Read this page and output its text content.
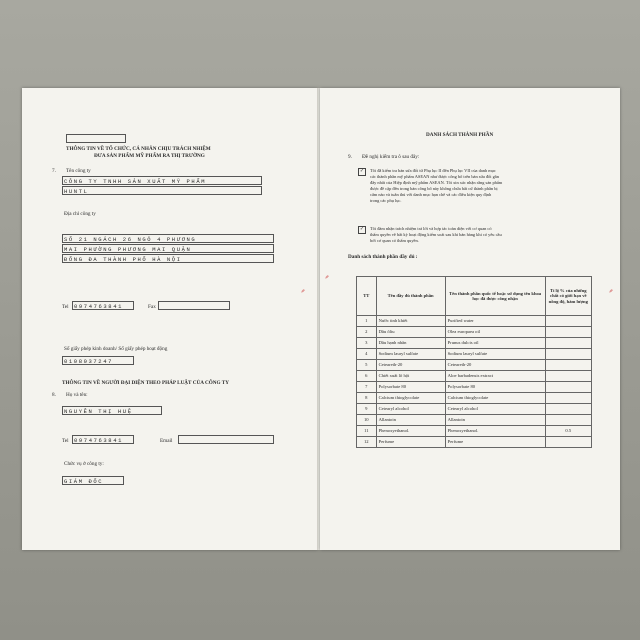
THÔNG TIN VỀ TỔ CHỨC, CÁ NHÂN CHỊU TRÁCH NHIỆM
ĐƯA SẢN PHẨM MỸ PHẨM RA THỊ TRƯỜNG
7. Tên công ty
CÔNG TY TNHH SẢN XUẤT MỸ PHẨM
HUNTL
Địa chỉ công ty
SỐ 21 NGÁCH 26 NGÕ 4 PHƯƠNG
MAI PHƯỜNG PHƯƠNG MAI QUẬN
ĐỐNG ĐA THÀNH PHỐ HÀ NỘI
Tel 0974763841	Fax
Số giấy phép kinh doanh/ Số giấy phép hoạt động
0108037247
THÔNG TIN VỀ NGƯỜI ĐẠI DIỆN THEO PHÁP LUẬT CỦA CÔNG TY
8. Họ và tên:
NGUYỄN THỊ HUỆ
Tel 0974763841	Email
Chức vụ ở công ty:
GIÁM ĐỐC
✎
DANH SÁCH THÀNH PHẦN
9. Đề nghị kiểm tra ô sau đây:
✓	Tôi đã kiểm tra bản sửa đổi từ Phụ lục II đến Phụ lục VII của danh mục
các thành phần mỹ phẩm ASEAN như được công bố trên bản sửa đổi gần
đây nhất của Hiệp định mỹ phẩm ASEAN. Tôi xin xác nhận rằng sản phẩm
được đề cập đến trong bản công bố này không chứa bất cứ thành phần bị
cấm nào và tuân thủ với danh mục hạn chế và các điều kiện quy định
trong các phụ lục.
✓	Tôi đảm nhận trách nhiệm trả lời và hợp tác toàn diện với cơ quan có
thẩm quyền về bất kỳ hoạt động kiểm soát sau khi bán hàng khi có yêu cầu
bởi cơ quan có thẩm quyền.
Danh sách thành phần đầy đủ :
TT	Tên đầy đủ thành phần	Tên thành phần quốc tế hoặc sử dụng tên khoa học đã được công nhận	Tỉ lệ % của những chất có giới hạn về nồng độ, hàm lượng
1	Nước tinh khiết	Purified water	
2	Dầu ôliu	Olea europaea oil	
3	Dầu hạnh nhân	Prunus dulcis oil	
4	Sodium lauryl sulfate	Sodium lauryl sulfate	
5	Ceteareth-20	Ceteareth-20	
6	Chiết xuất lô hội	Aloe barbadensis extract	
7	Polysorbate 80	Polysorbate 80	
8	Calcium thioglycolate	Calcium thioglycolate	
9	Cetearyl alcohol	Cetearyl alcohol	
10	Allantoin	Allantoin	
11	Phenoxyethanol.	Phenoxyethanol.	0.5
12	Perfume	Perfume	
✎
✎
